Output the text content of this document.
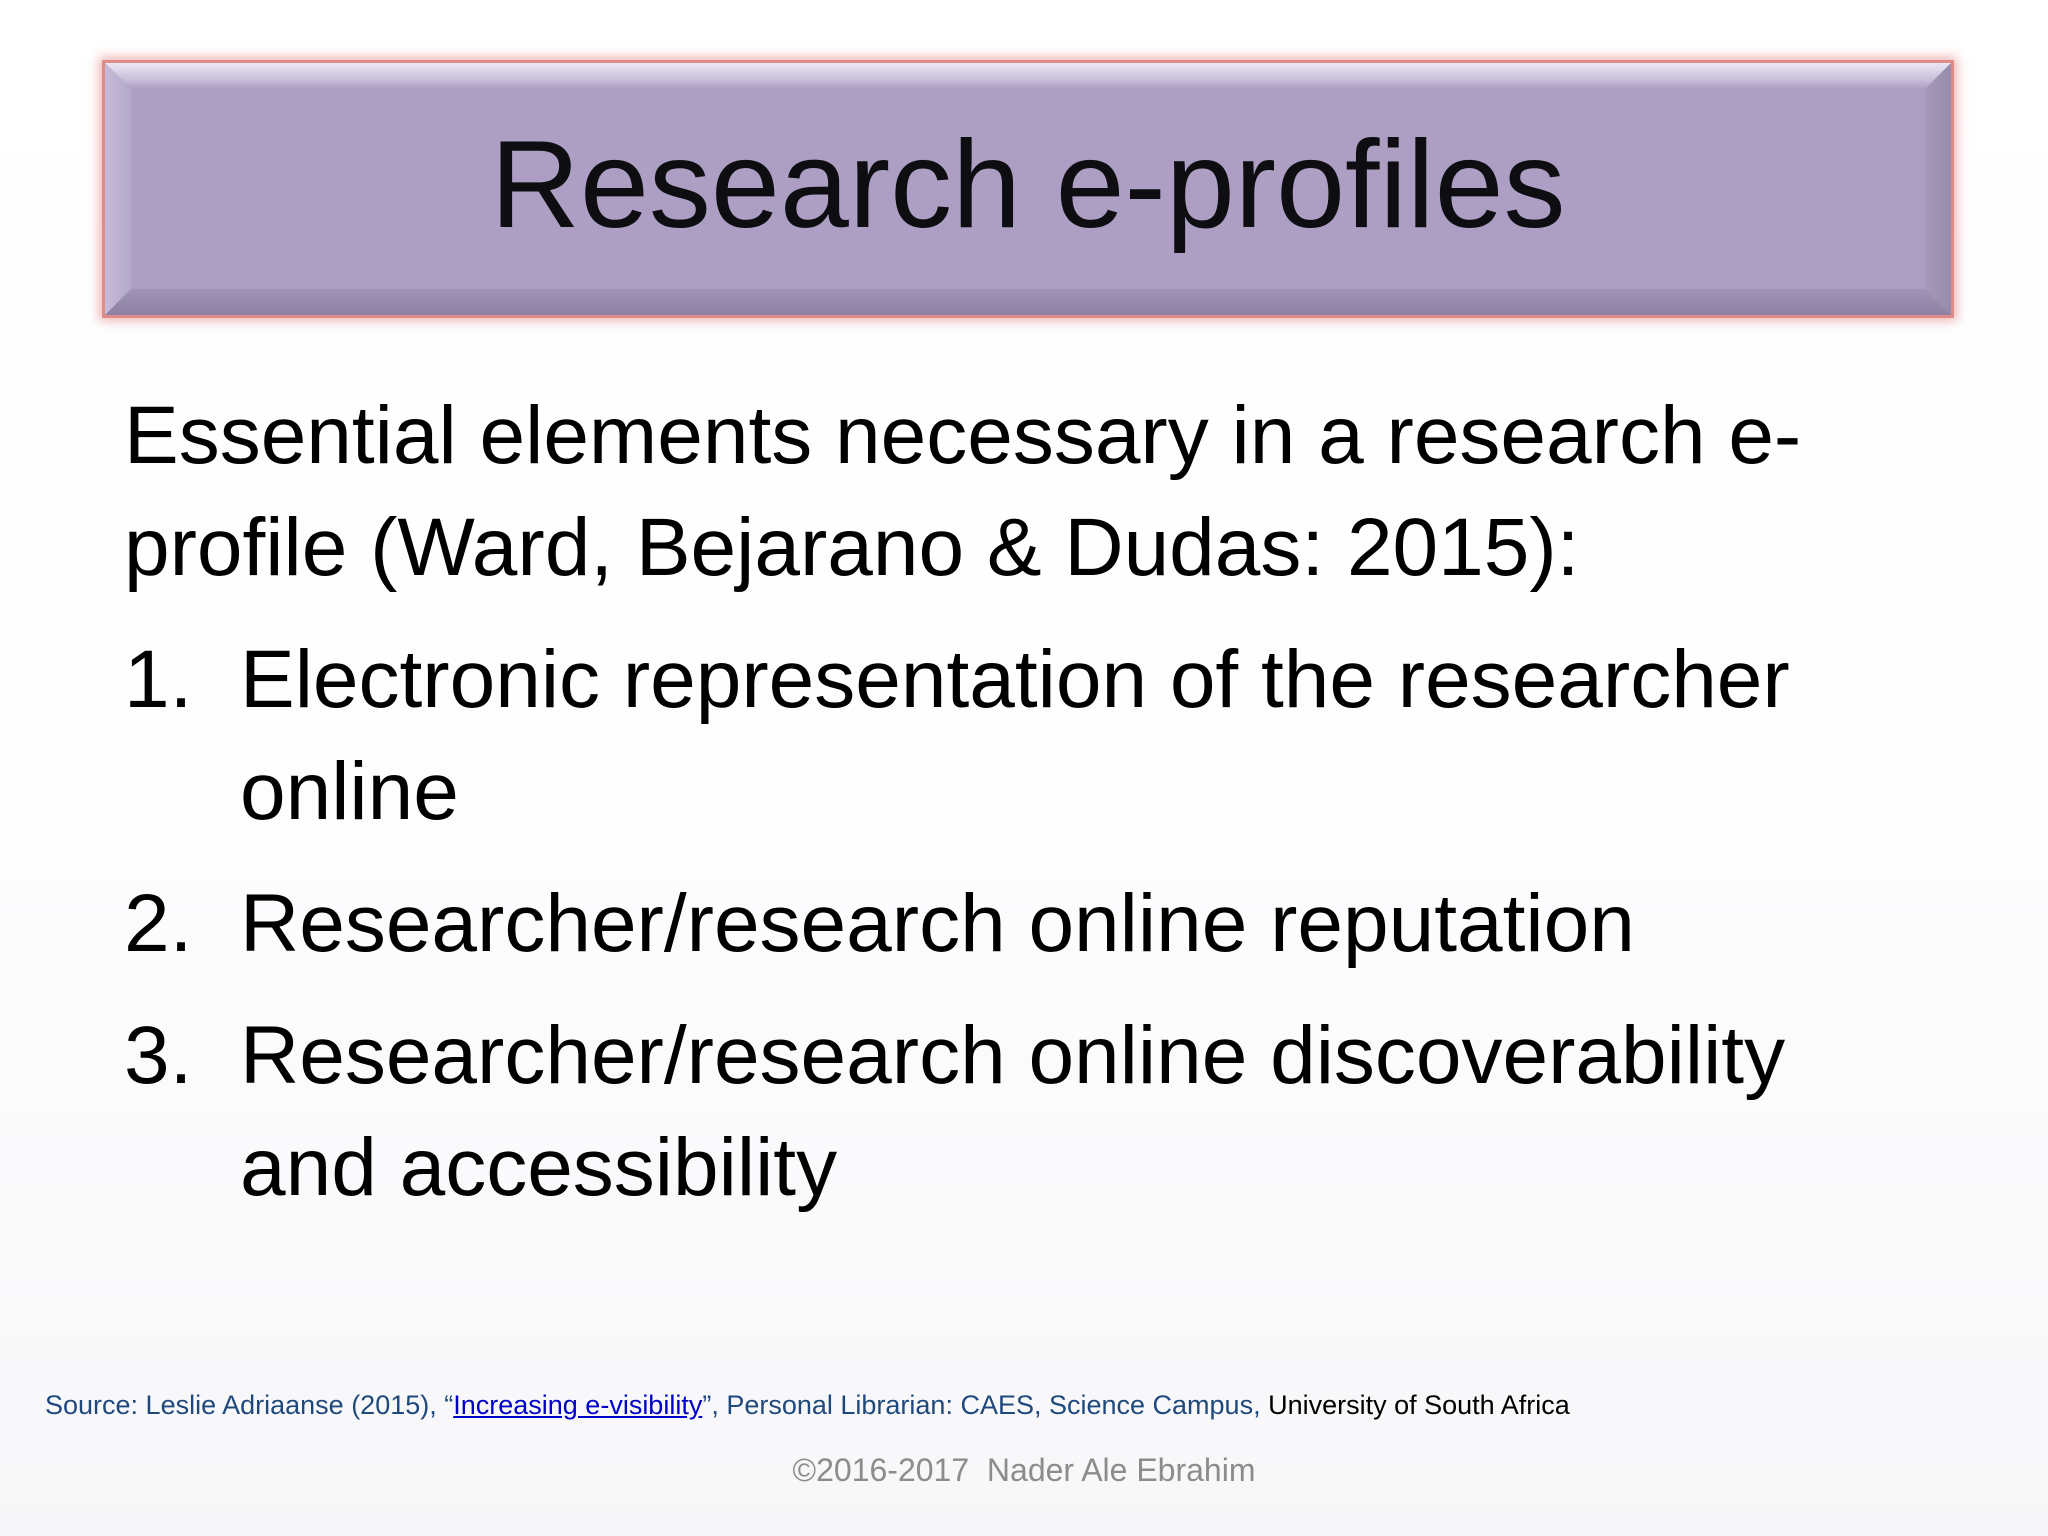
Research e-profiles

Essential elements necessary in a research e-profile (Ward, Bejarano & Dudas: 2015):

1. Electronic representation of the researcher online
2. Researcher/research online reputation
3. Researcher/research online discoverability and accessibility
Source: Leslie Adriaanse (2015), “Increasing e-visibility”, Personal Librarian: CAES, Science Campus, University of South Africa
©2016-2017  Nader Ale Ebrahim
